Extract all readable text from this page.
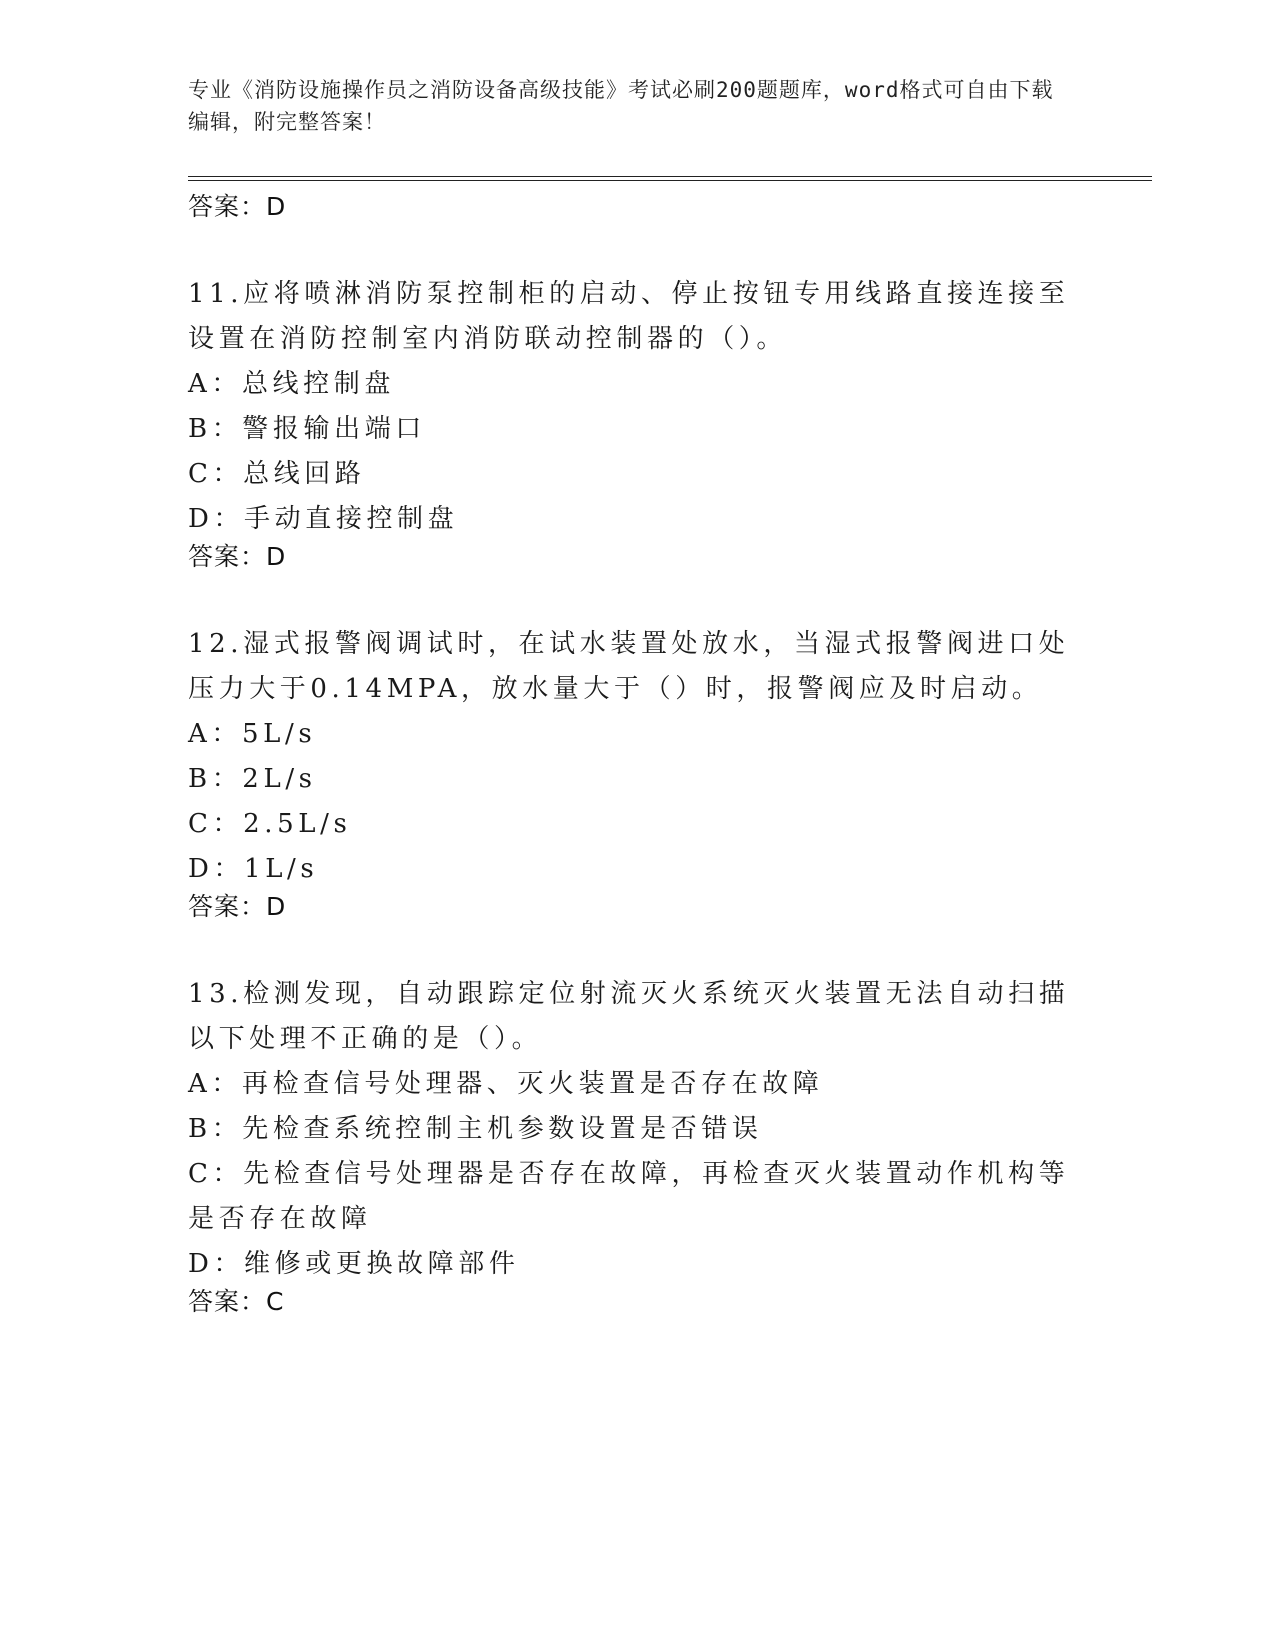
专业《消防设施操作员之消防设备高级技能》考试必刷200题题库，word格式可自由下载编辑，附完整答案！
答案：D
11.应将喷淋消防泵控制柜的启动、停止按钮专用线路直接连接至设置在消防控制室内消防联动控制器的（）。
A：总线控制盘
B：警报输出端口
C：总线回路
D：手动直接控制盘
答案：D
12.湿式报警阀调试时，在试水装置处放水，当湿式报警阀进口处压力大于0.14MPA，放水量大于（）时，报警阀应及时启动。
A：5L/s
B：2L/s
C：2.5L/s
D：1L/s
答案：D
13.检测发现，自动跟踪定位射流灭火系统灭火装置无法自动扫描以下处理不正确的是（）。
A：再检查信号处理器、灭火装置是否存在故障
B：先检查系统控制主机参数设置是否错误
C：先检查信号处理器是否存在故障，再检查灭火装置动作机构等是否存在故障
D：维修或更换故障部件
答案：C
